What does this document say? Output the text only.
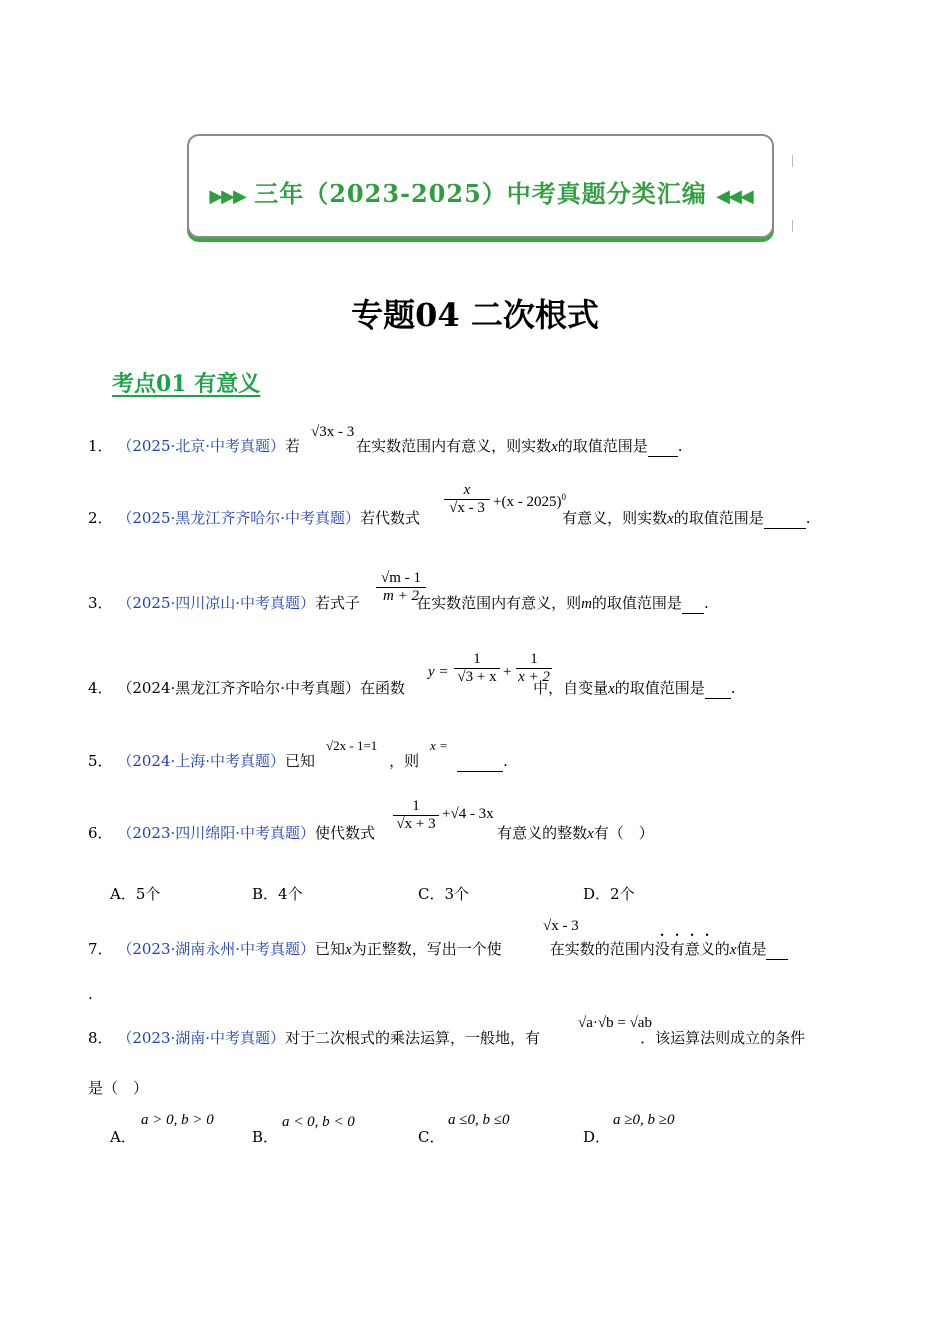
▶▶▶ 三年（2023-2025）中考真题分类汇编 ◀◀◀
专题04 二次根式
考点01 有意义
1． （2025·北京·中考真题）若	在实数范围内有意义，则实数x的取值范围是 .
√3x - 3
2． （2025·黑龙江齐齐哈尔·中考真题）若代数式	有意义，则实数x的取值范围是	.
$\frac{x}{√x - 3} +(x - 2025)^0$
3． （2025·四川凉山·中考真题）若式子	在实数范围内有意义，则m的取值范围是 .
$\frac{√m - 1}{m + 2}$
4． （2024·黑龙江齐齐哈尔·中考真题）在函数	中，自变量x的取值范围是 .
$y = \frac{1}{√3 + x} + \frac{1}{x + 2}$
5． （2024·上海·中考真题）已知	，则	.
√2x - 1=1	x =
6． （2023·四川绵阳·中考真题）使代数式	有意义的整数x有（　）
$\frac{1}{√x + 3} +√4 - 3x$
A．5个	B．4个	C．3个	D．2个
7． （2023·湖南永州·中考真题）已知x为正整数，写出一个使	在实数的范围内没有意义的x值是
√x - 3
.
8． （2023·湖南·中考真题）对于二次根式的乘法运算，一般地，有	．该运算法则成立的条件
√a·√b = √ab
是（　）
A．
a > 0, b > 0
B．
a < 0, b < 0
C．
a ≤0, b ≤0
D．
a ≥0, b ≥0
